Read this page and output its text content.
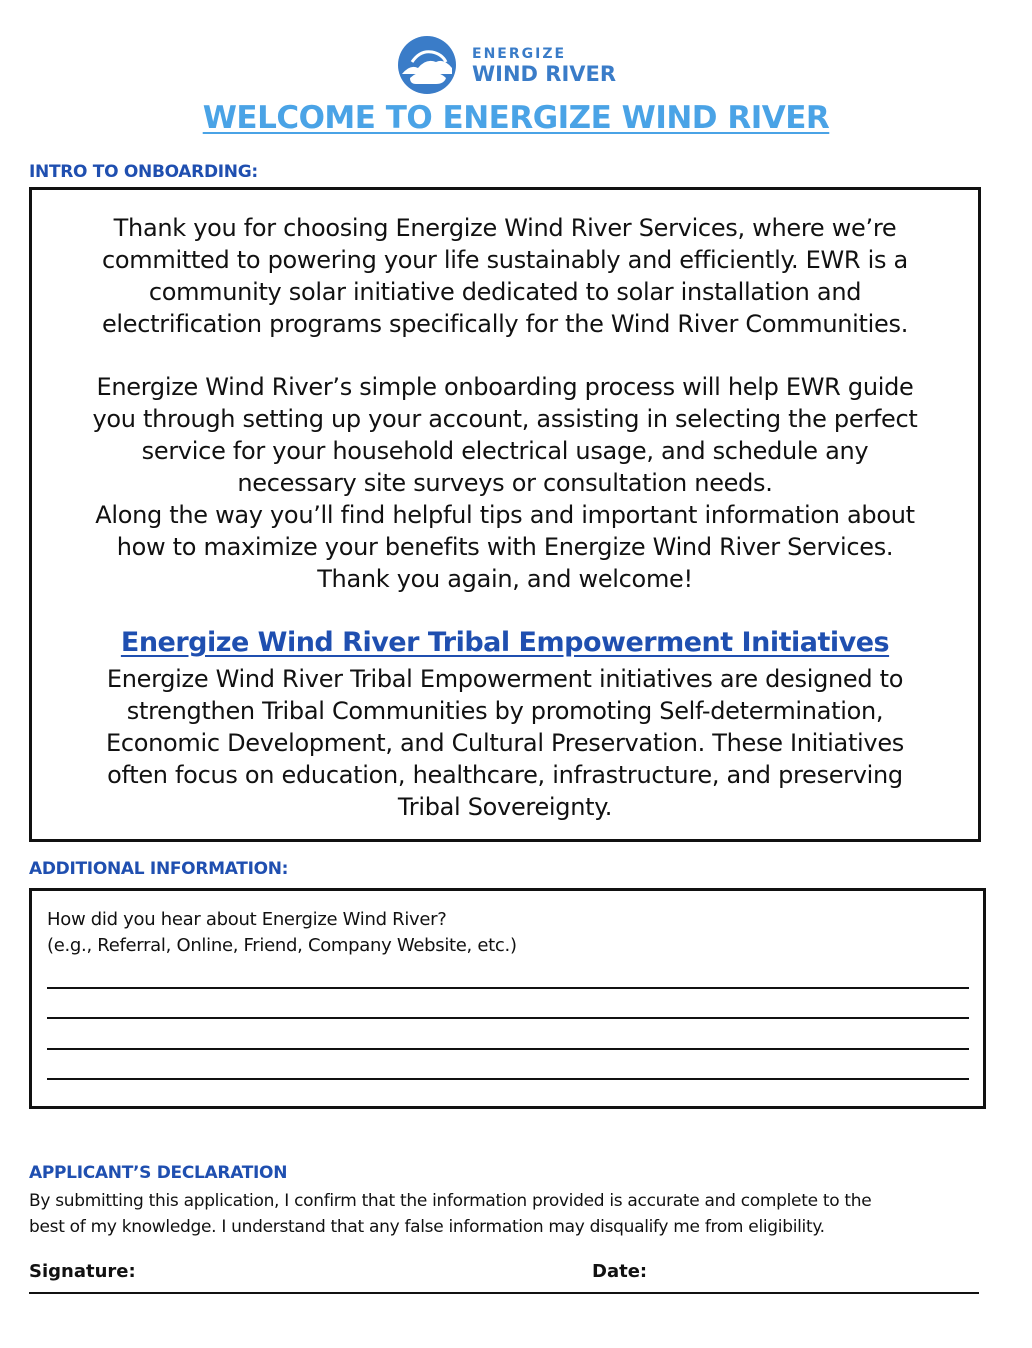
ENERGIZE
WIND RIVER
WELCOME TO ENERGIZE WIND RIVER
INTRO TO ONBOARDING:
Thank you for choosing Energize Wind River Services, where we’re
committed to powering your life sustainably and efficiently. EWR is a
community solar initiative dedicated to solar installation and
electrification programs specifically for the Wind River Communities.
Energize Wind River’s simple onboarding process will help EWR guide
you through setting up your account, assisting in selecting the perfect
service for your household electrical usage, and schedule any
necessary site surveys or consultation needs.
Along the way you’ll find helpful tips and important information about
how to maximize your benefits with Energize Wind River Services.
Thank you again, and welcome!
Energize Wind River Tribal Empowerment Initiatives
Energize Wind River Tribal Empowerment initiatives are designed to
strengthen Tribal Communities by promoting Self-determination,
Economic Development, and Cultural Preservation. These Initiatives
often focus on education, healthcare, infrastructure, and preserving
Tribal Sovereignty.
ADDITIONAL INFORMATION:
How did you hear about Energize Wind River?
(e.g., Referral, Online, Friend, Company Website, etc.)
APPLICANT’S DECLARATION
By submitting this application, I confirm that the information provided is accurate and complete to the
best of my knowledge. I understand that any false information may disqualify me from eligibility.
Signature:	Date:
